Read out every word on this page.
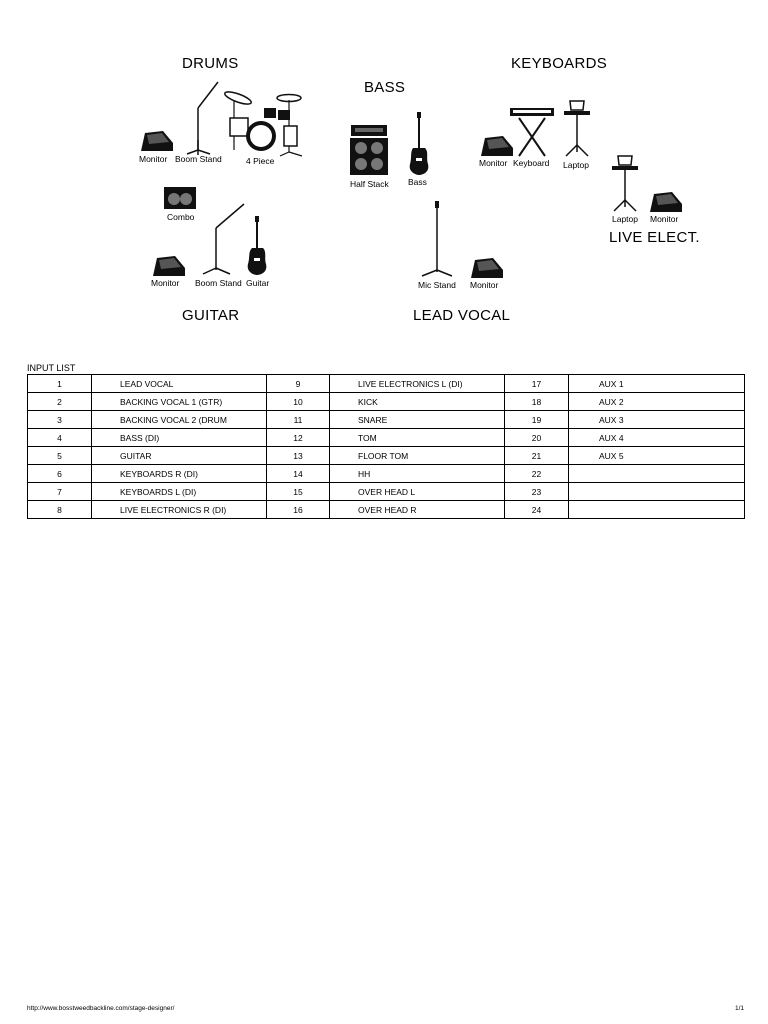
DRUMS
Monitor Boom Stand	4 Piece
BASS
Half Stack Bass
KEYBOARDS
Monitor Keyboard Laptop
Laptop Monitor
LIVE ELECT.
Combo
Monitor Boom Stand Guitar
GUITAR
Mic Stand Monitor
LEAD VOCAL
INPUT LIST
1	LEAD VOCAL	9	LIVE ELECTRONICS L (DI)	17	AUX 1
2	BACKING VOCAL 1 (GTR)	10	KICK	18	AUX 2
3	BACKING VOCAL 2 (DRUM	11	SNARE	19	AUX 3
4	BASS (DI)	12	TOM	20	AUX 4
5	GUITAR	13	FLOOR TOM	21	AUX 5
6	KEYBOARDS R (DI)	14	HH	22	
7	KEYBOARDS L (DI)	15	OVER HEAD L	23	
8	LIVE ELECTRONICS R (DI)	16	OVER HEAD R	24	
http://www.bosstweedbackline.com/stage-designer/	1/1
